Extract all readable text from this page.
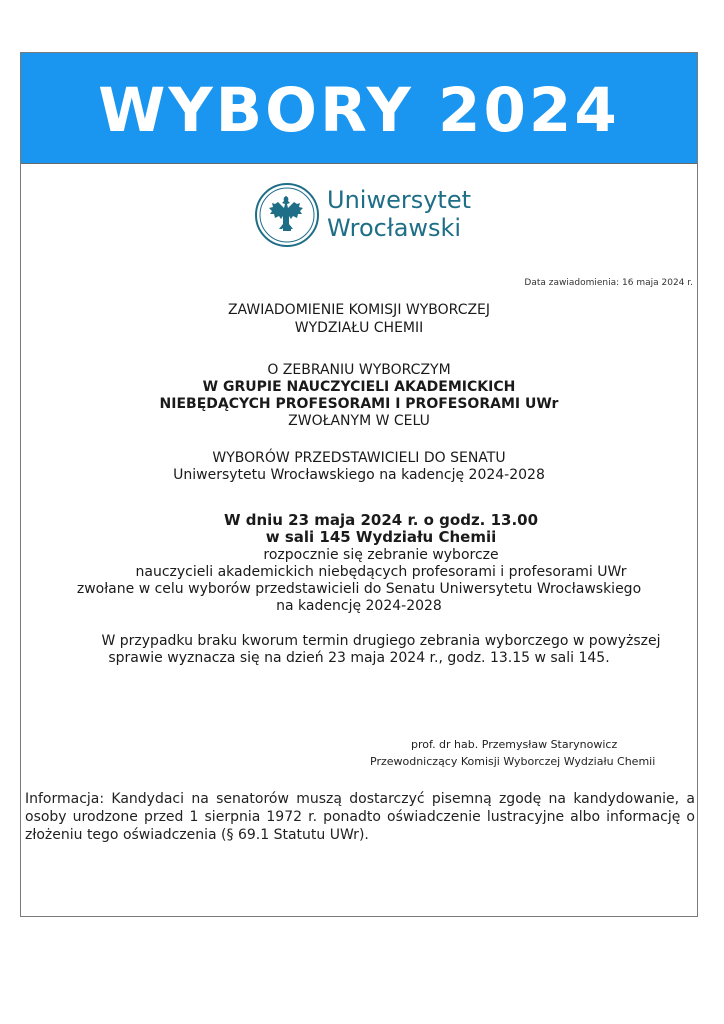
WYBORY 2024
Uniwersytet
Wrocławski
Data zawiadomienia: 16 maja 2024 r.
ZAWIADOMIENIE KOMISJI WYBORCZEJ
WYDZIAŁU CHEMII
O ZEBRANIU WYBORCZYM
W GRUPIE NAUCZYCIELI AKADEMICKICH
NIEBĘDĄCYCH PROFESORAMI I PROFESORAMI UWr
ZWOŁANYM W CELU
WYBORÓW PRZEDSTAWICIELI DO SENATU
Uniwersytetu Wrocławskiego na kadencję 2024-2028
W dniu 23 maja 2024 r. o godz. 13.00
w sali 145 Wydziału Chemii
rozpocznie się zebranie wyborcze
nauczycieli akademickich niebędących profesorami i profesorami UWr
zwołane w celu wyborów przedstawicieli do Senatu Uniwersytetu Wrocławskiego
na kadencję 2024-2028
W przypadku braku kworum termin drugiego zebrania wyborczego w powyższej
sprawie wyznacza się na dzień 23 maja 2024 r., godz. 13.15 w sali 145.
prof. dr hab. Przemysław Starynowicz
Przewodniczący Komisji Wyborczej Wydziału Chemii
Informacja: Kandydaci na senatorów muszą dostarczyć pisemną zgodę na kandydowanie, a osoby urodzone przed 1 sierpnia 1972 r. ponadto oświadczenie lustracyjne albo informację o złożeniu tego oświadczenia (§ 69.1 Statutu UWr).
